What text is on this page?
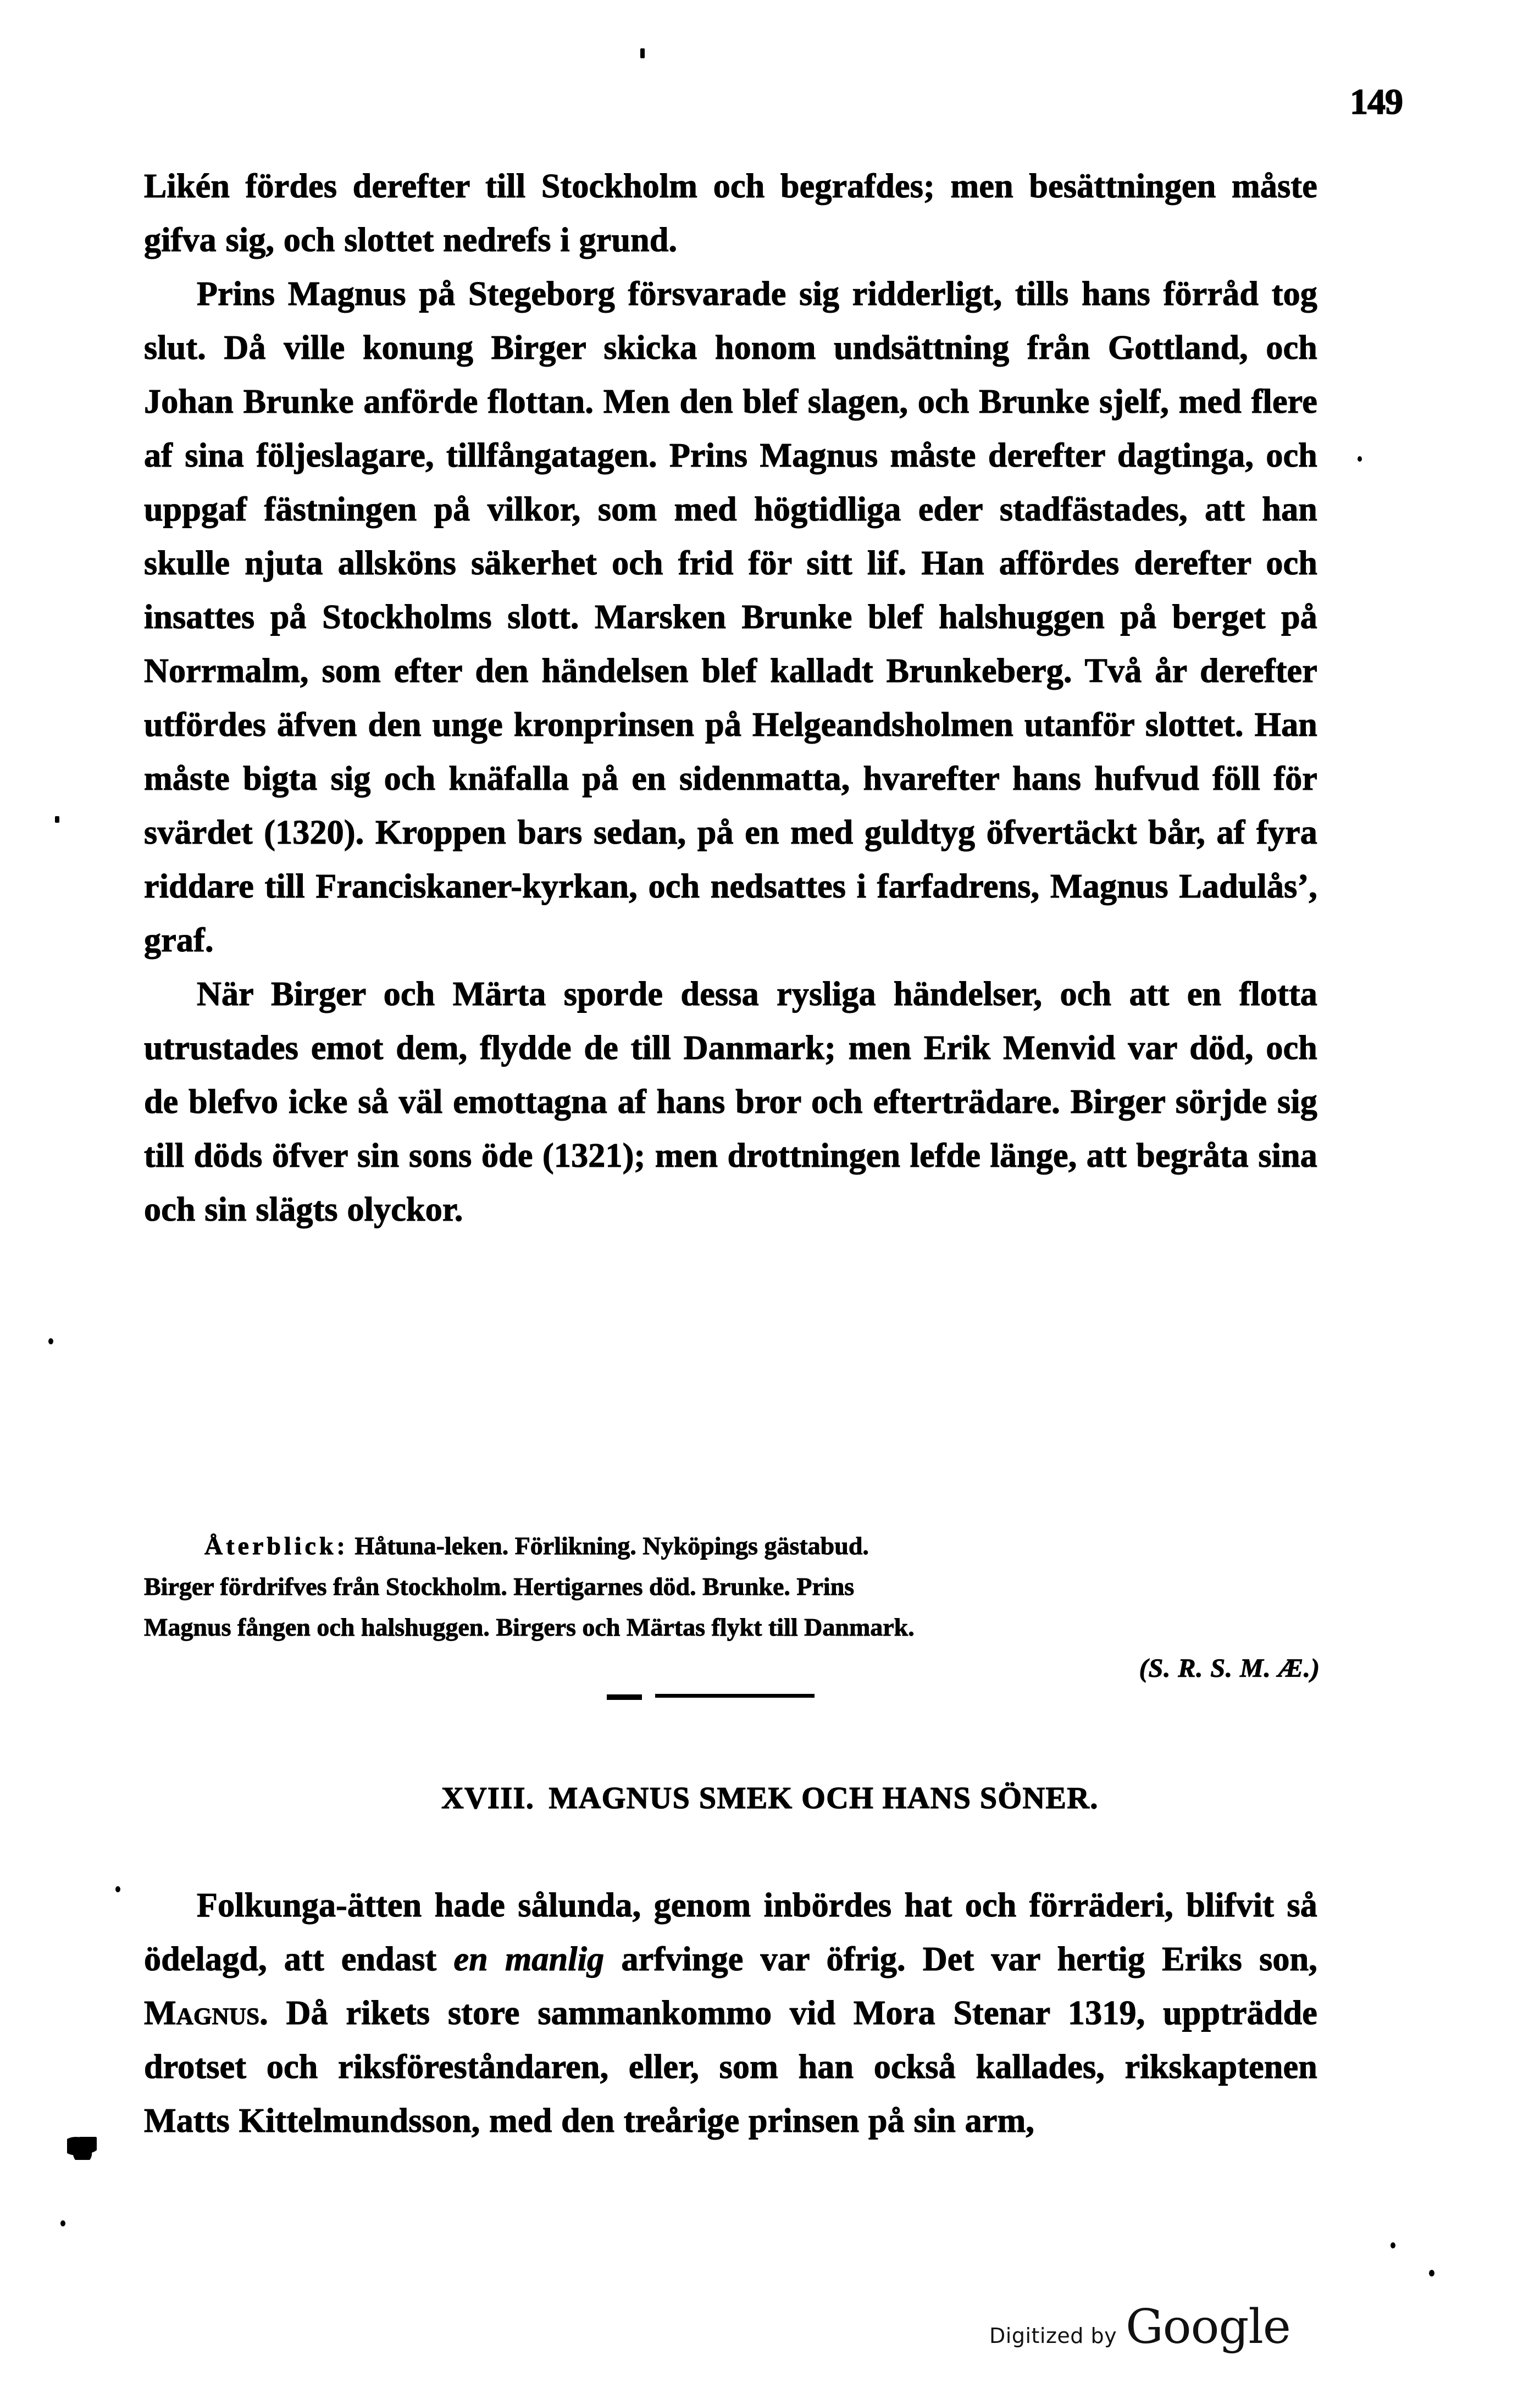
149

Likén fördes derefter till Stockholm och begrafdes; men besättningen måste gifva sig, och slottet nedrefs i grund.

Prins Magnus på Stegeborg försvarade sig ridderligt, tills hans förråd tog slut. Då ville konung Birger skicka honom undsättning från Gottland, och Johan Brunke anförde flottan. Men den blef slagen, och Brunke sjelf, med flere af sina följeslagare, tillfångatagen. Prins Magnus måste derefter dagtinga, och uppgaf fästningen på vilkor, som med högtidliga eder stadfästades, att han skulle njuta allsköns säkerhet och frid för sitt lif. Han affördes derefter och insattes på Stockholms slott. Marsken Brunke blef halshuggen på berget på Norrmalm, som efter den händelsen blef kalladt Brunkeberg. Två år derefter utfördes äfven den unge kronprinsen på Helgeandsholmen utanför slottet. Han måste bigta sig och knäfalla på en sidenmatta, hvarefter hans hufvud föll för svärdet (1320). Kroppen bars sedan, på en med guldtyg öfvertäckt bår, af fyra riddare till Franciskaner-kyrkan, och nedsattes i farfadrens, Magnus Ladulås’, graf.

När Birger och Märta sporde dessa rysliga händelser, och att en flotta utrustades emot dem, flydde de till Danmark; men Erik Menvid var död, och de blefvo icke så väl emottagna af hans bror och efterträdare. Birger sörjde sig till döds öfver sin sons öde (1321); men drottningen lefde länge, att begråta sina och sin slägts olyckor.

Återblick: Håtuna-leken. Förlikning. Nyköpings gästabud.
Birger fördrifves från Stockholm. Hertigarnes död. Brunke. Prins
Magnus fången och halshuggen. Birgers och Märtas flykt till Danmark.
(S. R. S. M. Æ.)
XVIII. MAGNUS SMEK OCH HANS SÖNER.

Folkunga-ätten hade sålunda, genom inbördes hat och förräderi, blifvit så ödelagd, att endast en manlig arfvinge var öfrig. Det var hertig Eriks son, Magnus. Då rikets store sammankommo vid Mora Stenar 1319, uppträdde drotset och riksföreståndaren, eller, som han också kallades, rikskaptenen Matts Kittelmundsson, med den treårige prinsen på sin arm,

Digitized by Google
